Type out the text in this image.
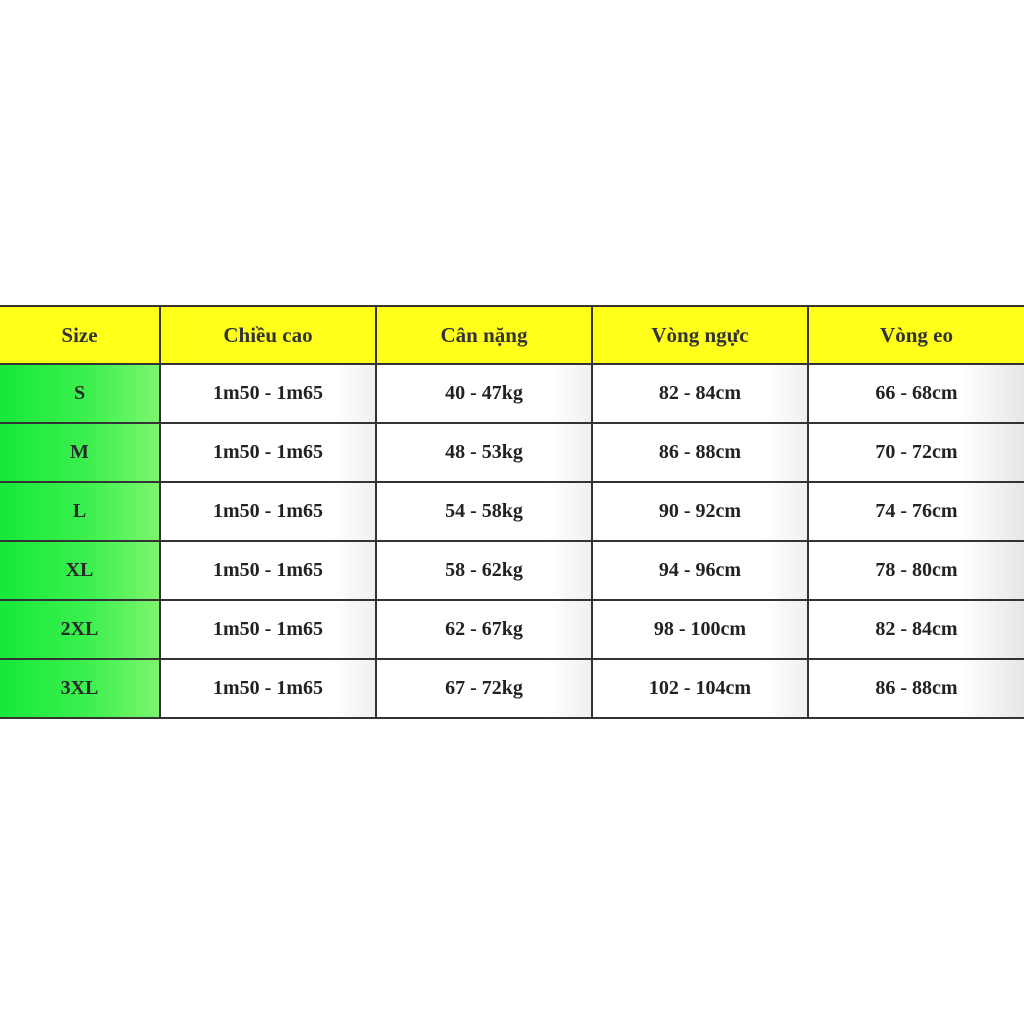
Size	Chiều cao	Cân nặng	Vòng ngực	Vòng eo
S	1m50 - 1m65	40 - 47kg	82 - 84cm	66 - 68cm
M	1m50 - 1m65	48 - 53kg	86 - 88cm	70 - 72cm
L	1m50 - 1m65	54 - 58kg	90 - 92cm	74 - 76cm
XL	1m50 - 1m65	58 - 62kg	94 - 96cm	78 - 80cm
2XL	1m50 - 1m65	62 - 67kg	98 - 100cm	82 - 84cm
3XL	1m50 - 1m65	67 - 72kg	102 - 104cm	86 - 88cm
